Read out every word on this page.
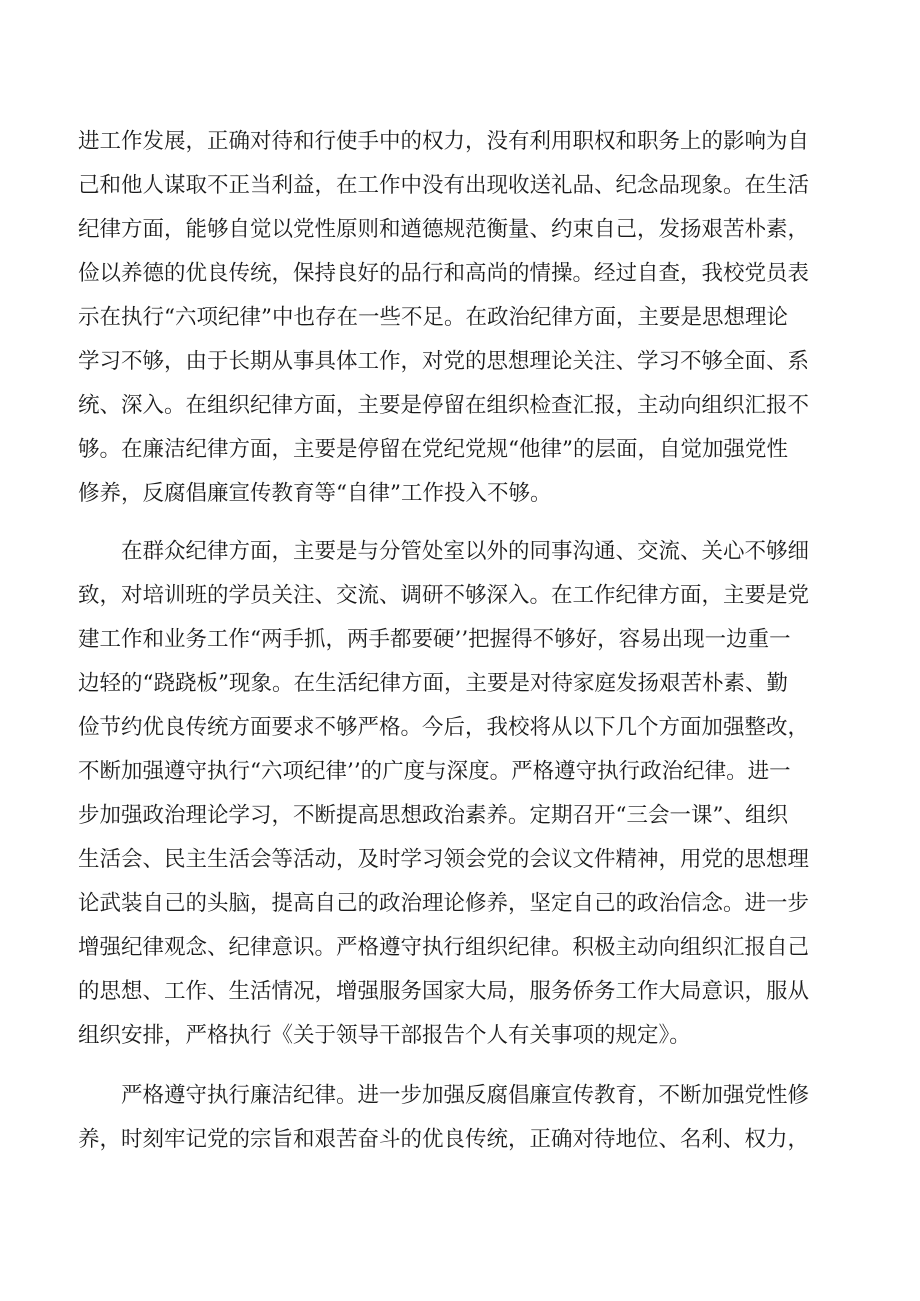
进工作发展，正确对待和行使手中的权力，没有利用职权和职务上的影响为自

己和他人谋取不正当利益，在工作中没有出现收送礼品、纪念品现象。在生活

纪律方面，能够自觉以党性原则和遒德规范衡量、约束自己，发扬艰苦朴素，

俭以养德的优良传统，保持良好的品行和高尚的情操。经过自查，我校党员表

示在执行“六项纪律”中也存在一些不足。在政治纪律方面，主要是思想理论

学习不够，由于长期从事具体工作，对党的思想理论关注、学习不够全面、系

统、深入。在组织纪律方面，主要是停留在组织检查汇报，主动向组织汇报不

够。在廉洁纪律方面，主要是停留在党纪党规“他律”的层面，自觉加强党性

修养，反腐倡廉宣传教育等“自律”工作投入不够。

在群众纪律方面，主要是与分管处室以外的同事沟通、交流、关心不够细

致，对培训班的学员关注、交流、调研不够深入。在工作纪律方面，主要是党

建工作和业务工作“两手抓，两手都要硬’’把握得不够好，容易出现一边重一

边轻的“跷跷板”现象。在生活纪律方面，主要是对待家庭发扬艰苦朴素、勤

俭节约优良传统方面要求不够严格。今后，我校将从以下几个方面加强整改，

不断加强遵守执行“六项纪律’’的广度与深度。严格遵守执行政治纪律。进一

步加强政治理论学习，不断提高思想政治素养。定期召开“三会一课”、组织

生活会、民主生活会等活动，及时学习领会党的会议文件精神，用党的思想理

论武装自己的头脑，提高自己的政治理论修养，坚定自己的政治信念。进一步

增强纪律观念、纪律意识。严格遵守执行组织纪律。积极主动向组织汇报自己

的思想、工作、生活情况，增强服务国家大局，服务侨务工作大局意识，服从

组织安排，严格执行《关于领导干部报告个人有关事项的规定》。

严格遵守执行廉洁纪律。进一步加强反腐倡廉宣传教育，不断加强党性修

养，时刻牢记党的宗旨和艰苦奋斗的优良传统，正确对待地位、名利、权力，
